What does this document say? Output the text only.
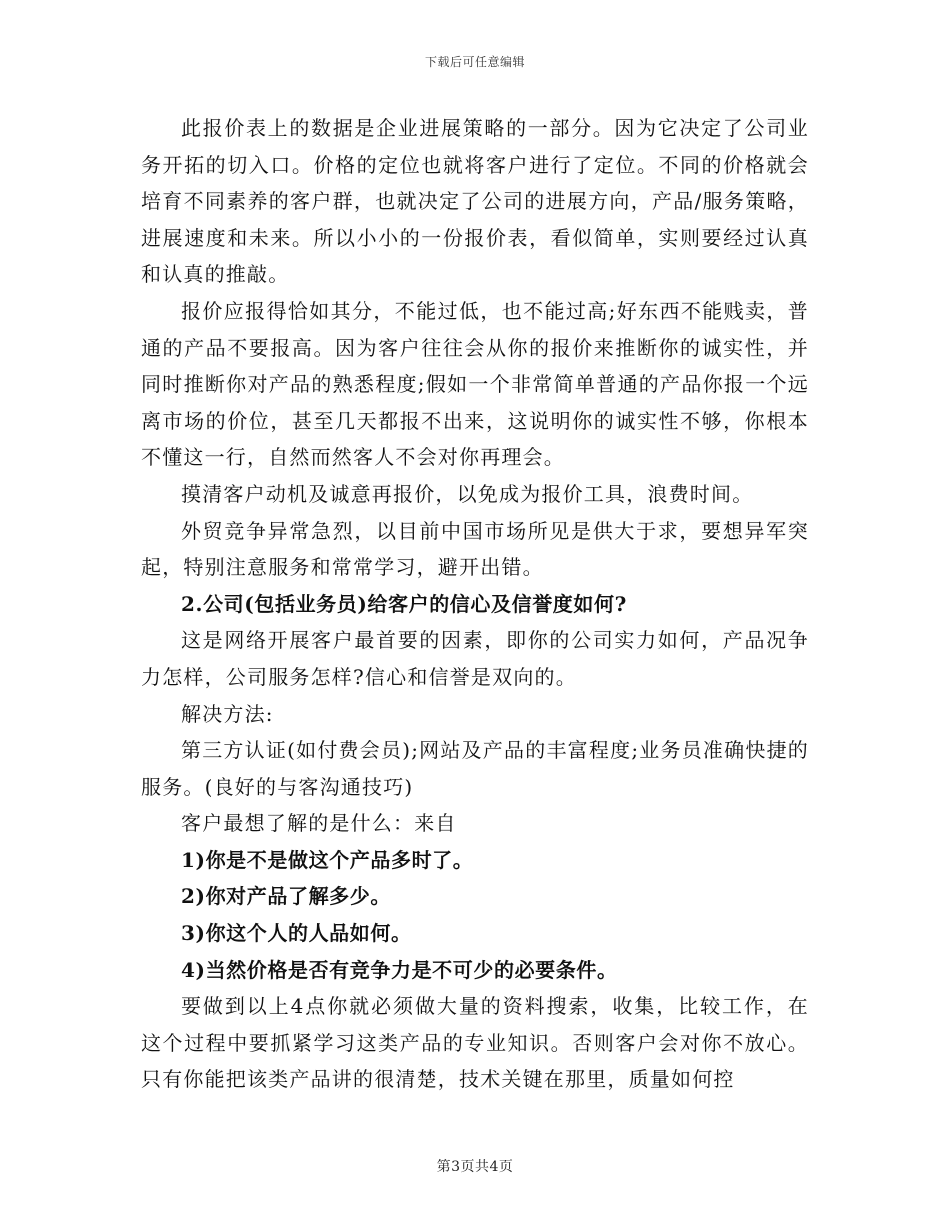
下载后可任意编辑

此报价表上的数据是企业进展策略的一部分。因为它决定了公司业务开拓的切入口。价格的定位也就将客户进行了定位。不同的价格就会培育不同素养的客户群，也就决定了公司的进展方向，产品/服务策略，进展速度和未来。所以小小的一份报价表，看似简单，实则要经过认真和认真的推敲。

报价应报得恰如其分，不能过低，也不能过高;好东西不能贱卖，普通的产品不要报高。因为客户往往会从你的报价来推断你的诚实性，并同时推断你对产品的熟悉程度;假如一个非常简单普通的产品你报一个远离市场的价位，甚至几天都报不出来，这说明你的诚实性不够，你根本不懂这一行，自然而然客人不会对你再理会。

摸清客户动机及诚意再报价，以免成为报价工具，浪费时间。

外贸竞争异常急烈，以目前中国市场所见是供大于求，要想异军突起，特别注意服务和常常学习，避开出错。

2.公司(包括业务员)给客户的信心及信誉度如何?

这是网络开展客户最首要的因素，即你的公司实力如何，产品况争力怎样，公司服务怎样?信心和信誉是双向的。

解决方法:

第三方认证(如付费会员);网站及产品的丰富程度;业务员准确快捷的服务。(良好的与客沟通技巧)

客户最想了解的是什么：来自

1)你是不是做这个产品多时了。

2)你对产品了解多少。

3)你这个人的人品如何。

4)当然价格是否有竞争力是不可少的必要条件。

要做到以上4点你就必须做大量的资料搜索，收集，比较工作，在这个过程中要抓紧学习这类产品的专业知识。否则客户会对你不放心。只有你能把该类产品讲的很清楚，技术关键在那里，质量如何控

第3页共4页
